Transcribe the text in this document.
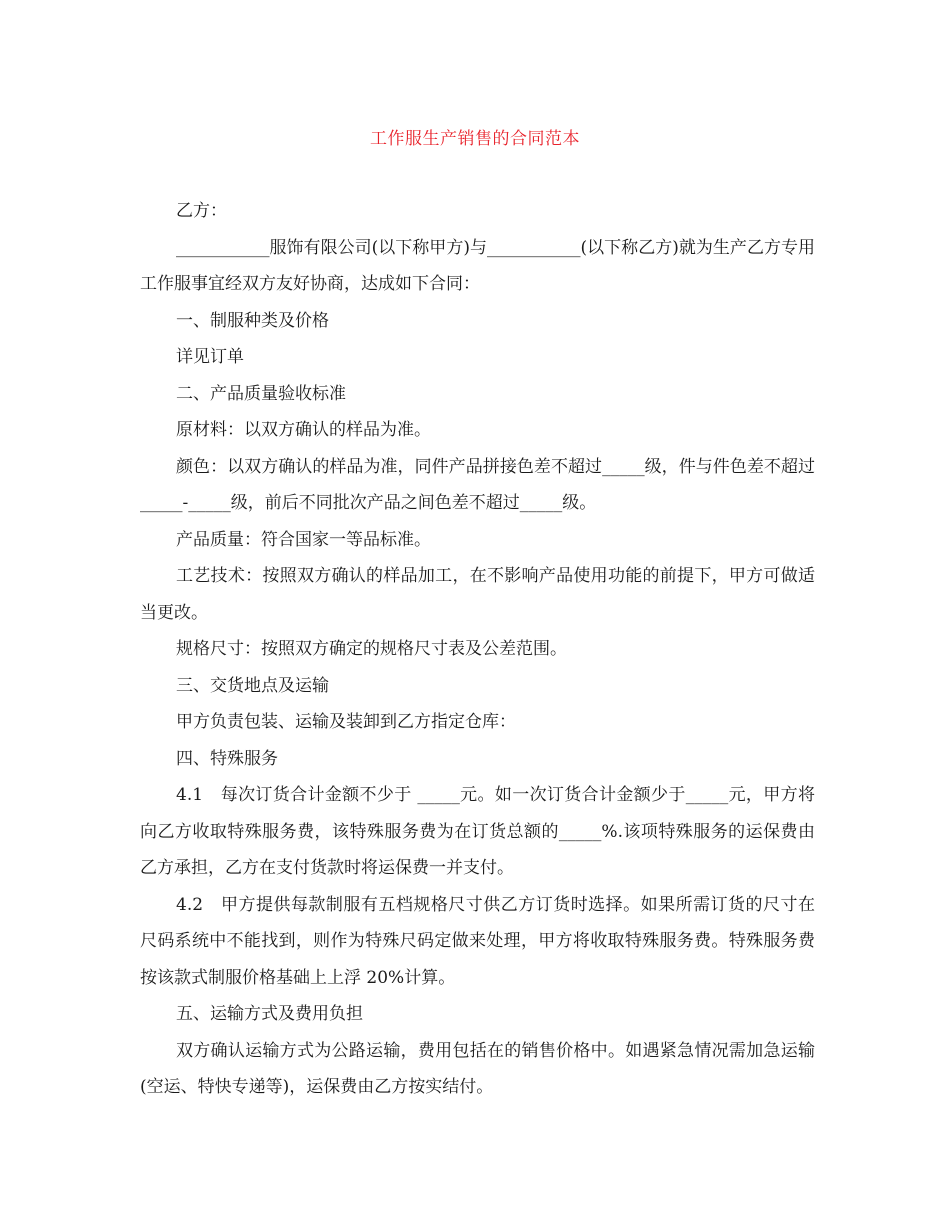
工作服生产销售的合同范本

乙方：

___________服饰有限公司(以下称甲方)与___________(以下称乙方)就为生产乙方专用工作服事宜经双方友好协商，达成如下合同：

一、制服种类及价格

详见订单

二、产品质量验收标准

原材料：以双方确认的样品为准。

颜色：以双方确认的样品为准，同件产品拼接色差不超过_____级，件与件色差不超过_____-_____级，前后不同批次产品之间色差不超过_____级。

产品质量：符合国家一等品标准。

工艺技术：按照双方确认的样品加工，在不影响产品使用功能的前提下，甲方可做适当更改。

规格尺寸：按照双方确定的规格尺寸表及公差范围。

三、交货地点及运输

甲方负责包装、运输及装卸到乙方指定仓库：

四、特殊服务

4.1　每次订货合计金额不少于 _____元。如一次订货合计金额少于_____元，甲方将向乙方收取特殊服务费，该特殊服务费为在订货总额的_____%.该项特殊服务的运保费由乙方承担，乙方在支付货款时将运保费一并支付。

4.2　甲方提供每款制服有五档规格尺寸供乙方订货时选择。如果所需订货的尺寸在尺码系统中不能找到，则作为特殊尺码定做来处理，甲方将收取特殊服务费。特殊服务费按该款式制服价格基础上上浮 20%计算。

五、运输方式及费用负担

双方确认运输方式为公路运输，费用包括在的销售价格中。如遇紧急情况需加急运输(空运、特快专递等)，运保费由乙方按实结付。
